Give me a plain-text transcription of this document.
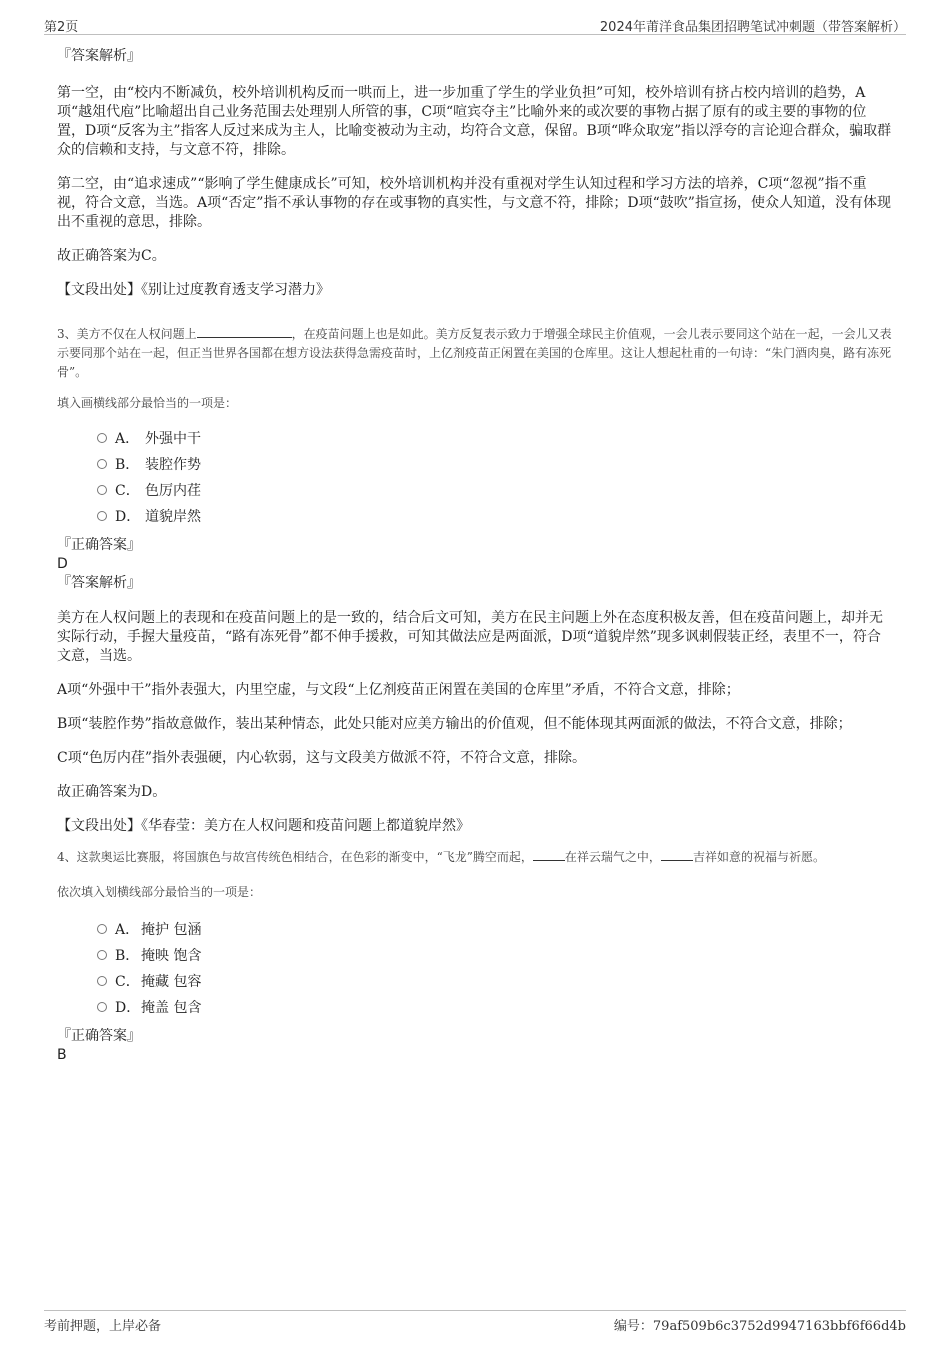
第2页	2024年莆洋食品集团招聘笔试冲刺题（带答案解析）

『答案解析』

第一空，由“校内不断减负，校外培训机构反而一哄而上，进一步加重了学生的学业负担”可知，校外培训有挤占校内培训的趋势，A项“越俎代庖”比喻超出自己业务范围去处理别人所管的事，C项“喧宾夺主”比喻外来的或次要的事物占据了原有的或主要的事物的位置，D项“反客为主”指客人反过来成为主人，比喻变被动为主动，均符合文意，保留。B项“哗众取宠”指以浮夸的言论迎合群众，骗取群众的信赖和支持，与文意不符，排除。

第二空，由“追求速成”“影响了学生健康成长”可知，校外培训机构并没有重视对学生认知过程和学习方法的培养，C项“忽视”指不重视，符合文意，当选。A项“否定”指不承认事物的存在或事物的真实性，与文意不符，排除；D项“鼓吹”指宣扬，使众人知道，没有体现出不重视的意思，排除。

故正确答案为C。

【文段出处】《别让过度教育透支学习潜力》

3、美方不仅在人权问题上	，在疫苗问题上也是如此。美方反复表示致力于增强全球民主价值观，一会儿表示要同这个站在一起，一会儿又表示要同那个站在一起，但正当世界各国都在想方设法获得急需疫苗时，上亿剂疫苗正闲置在美国的仓库里。这让人想起杜甫的一句诗：“朱门酒肉臭，路有冻死骨”。

填入画横线部分最恰当的一项是：

A． 外强中干
B． 装腔作势
C． 色厉内荏
D． 道貌岸然

『正确答案』

D

『答案解析』

美方在人权问题上的表现和在疫苗问题上的是一致的，结合后文可知，美方在民主问题上外在态度积极友善，但在疫苗问题上，却并无实际行动，手握大量疫苗，“路有冻死骨”都不伸手援救，可知其做法应是两面派，D项“道貌岸然”现多讽刺假装正经，表里不一，符合文意，当选。

A项“外强中干”指外表强大，内里空虚，与文段“上亿剂疫苗正闲置在美国的仓库里”矛盾，不符合文意，排除；

B项“装腔作势”指故意做作，装出某种情态，此处只能对应美方输出的价值观，但不能体现其两面派的做法，不符合文意，排除；

C项“色厉内荏”指外表强硬，内心软弱，这与文段美方做派不符，不符合文意，排除。

故正确答案为D。

【文段出处】《华春莹：美方在人权问题和疫苗问题上都道貌岸然》

4、这款奥运比赛服，将国旗色与故宫传统色相结合，在色彩的渐变中，“飞龙”腾空而起，	在祥云瑞气之中，	吉祥如意的祝福与祈愿。

依次填入划横线部分最恰当的一项是：

A． 掩护 包涵
B． 掩映 饱含
C． 掩藏 包容
D． 掩盖 包含

『正确答案』

B

考前押题，上岸必备	编号：79af509b6c3752d9947163bbf6f66d4b
